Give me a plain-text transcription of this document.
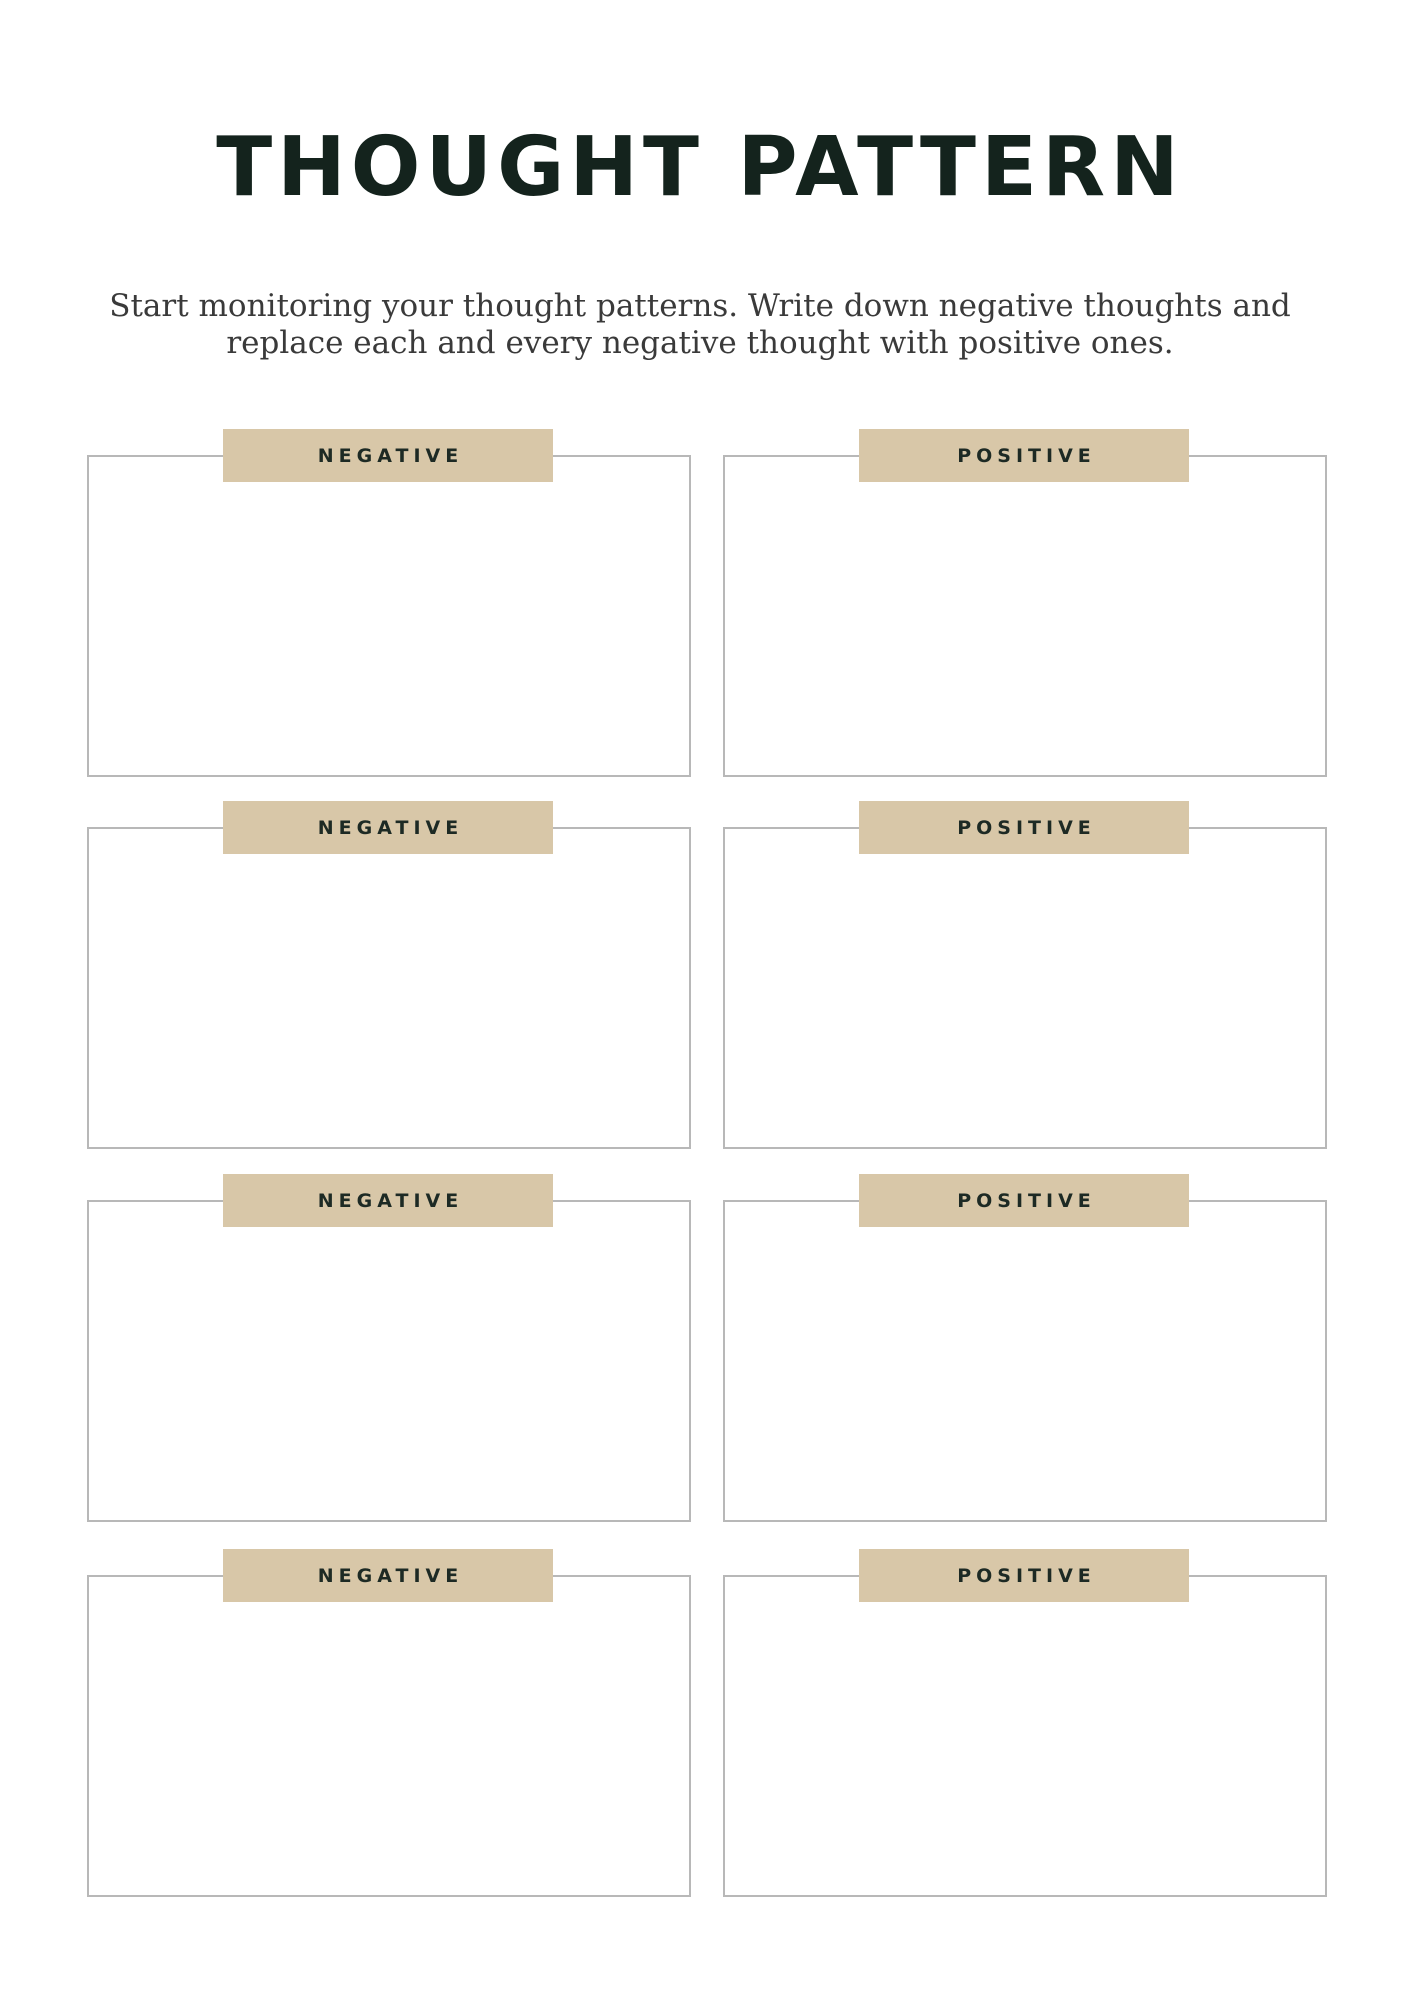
THOUGHT PATTERN

Start monitoring your thought patterns. Write down negative thoughts and replace each and every negative thought with positive ones.

NEGATIVE	POSITIVE
NEGATIVE	POSITIVE
NEGATIVE	POSITIVE
NEGATIVE	POSITIVE
